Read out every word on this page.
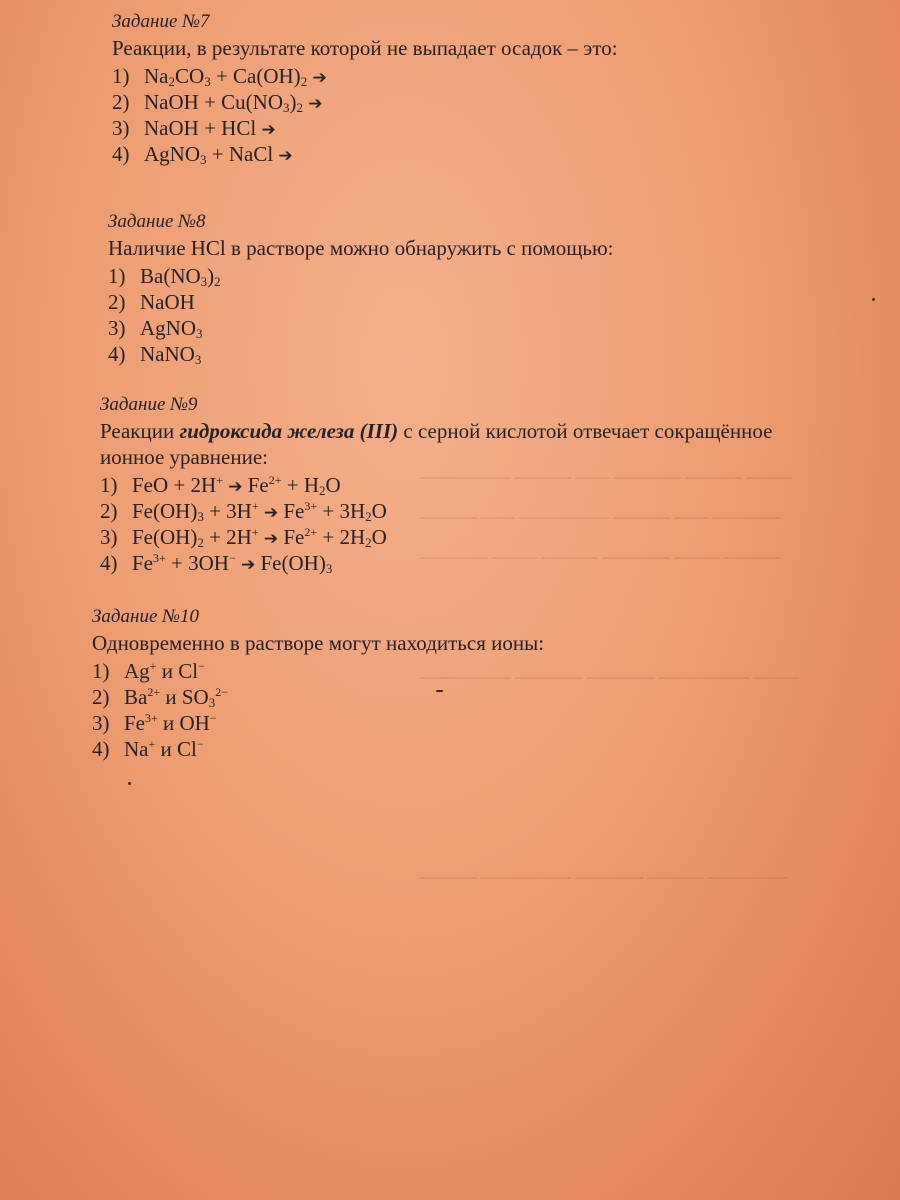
──────── ───── ─── ────── ───── ────
───── ─── ──────── ───── ─── ──────
────── ──── ───── ────── ──── ─────
──────── ────── ────── ──────── ────
───── ──────── ────── ───── ───────
Задание №7
Реакции, в результате которой не выпадает осадок – это:
1) $Na_2CO_3 + Ca(OH)_2$ ➔
2) NaOH + $Cu(NO_3)_2$ ➔
3) NaOH + HCl ➔
4) AgNO$_3$ + NaCl ➔
Задание №8
Наличие HCl в растворе можно обнаружить с помощью:
1) $Ba(NO_3)_2$
2) NaOH
3) AgNO$_3$
4) NaNO$_3$
Задание №9
Реакции гидроксида железа (III) с серной кислотой отвечает сокращённое
ионное уравнение:
1) FeO + 2H+ ➔ $Fe^{2+} + H_2O$
2) $Fe(OH)_3 + 3H^+$ ➔ $Fe^{3+} + 3H_2O$
3) $Fe(OH)_2 + 2H^+$ ➔ $Fe^{2+} + 2H_2O$
4) $Fe^{3+} + 3OH^-$ ➔ $Fe(OH)_3$
Задание №10
Одновременно в растворе могут находиться ионы:
1) Ag+ и Cl−
2) $Ba^{2+}$ и $SO_3^{2-}$
3) $Fe^{3+}$ и OH−
4) Na+ и Cl−
